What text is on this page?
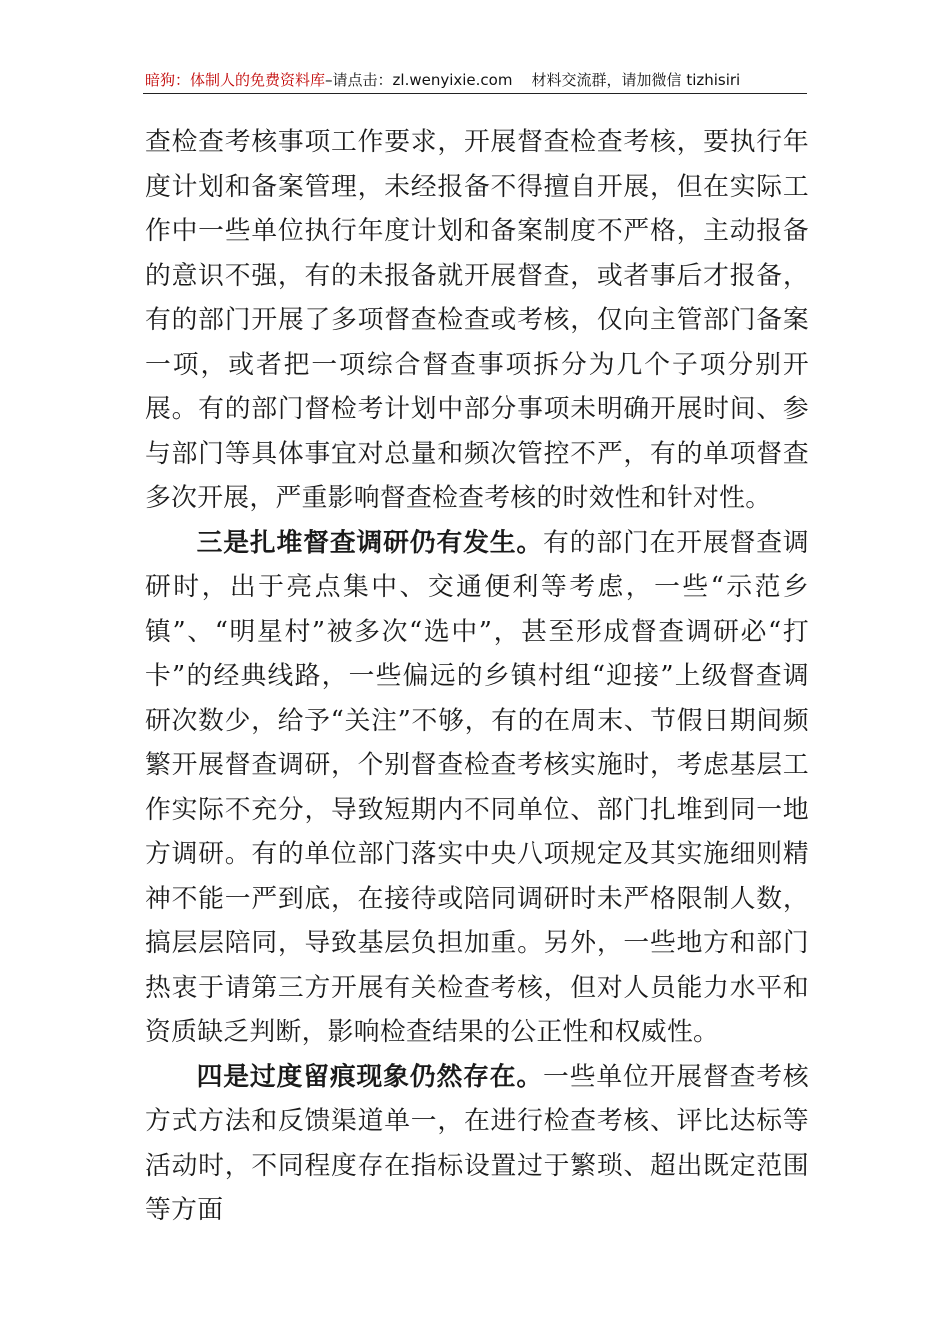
暗狗：体制人的免费资料库–请点击：zl.wenyixie.com 材料交流群，请加微信 tizhisiri

查检查考核事项工作要求，开展督查检查考核，要执行年度计划和备案管理，未经报备不得擅自开展，但在实际工作中一些单位执行年度计划和备案制度不严格，主动报备的意识不强，有的未报备就开展督查，或者事后才报备，有的部门开展了多项督查检查或考核，仅向主管部门备案一项，或者把一项综合督查事项拆分为几个子项分别开展。有的部门督检考计划中部分事项未明确开展时间、参与部门等具体事宜对总量和频次管控不严，有的单项督查多次开展，严重影响督查检查考核的时效性和针对性。

三是扎堆督查调研仍有发生。有的部门在开展督查调研时，出于亮点集中、交通便利等考虑，一些“示范乡镇”、“明星村”被多次“选中”，甚至形成督查调研必“打卡”的经典线路，一些偏远的乡镇村组“迎接”上级督查调研次数少，给予“关注”不够，有的在周末、节假日期间频繁开展督查调研，个别督查检查考核实施时，考虑基层工作实际不充分，导致短期内不同单位、部门扎堆到同一地方调研。有的单位部门落实中央八项规定及其实施细则精神不能一严到底，在接待或陪同调研时未严格限制人数，搞层层陪同，导致基层负担加重。另外，一些地方和部门热衷于请第三方开展有关检查考核，但对人员能力水平和资质缺乏判断，影响检查结果的公正性和权威性。

四是过度留痕现象仍然存在。一些单位开展督查考核方式方法和反馈渠道单一，在进行检查考核、评比达标等活动时，不同程度存在指标设置过于繁琐、超出既定范围等方面
